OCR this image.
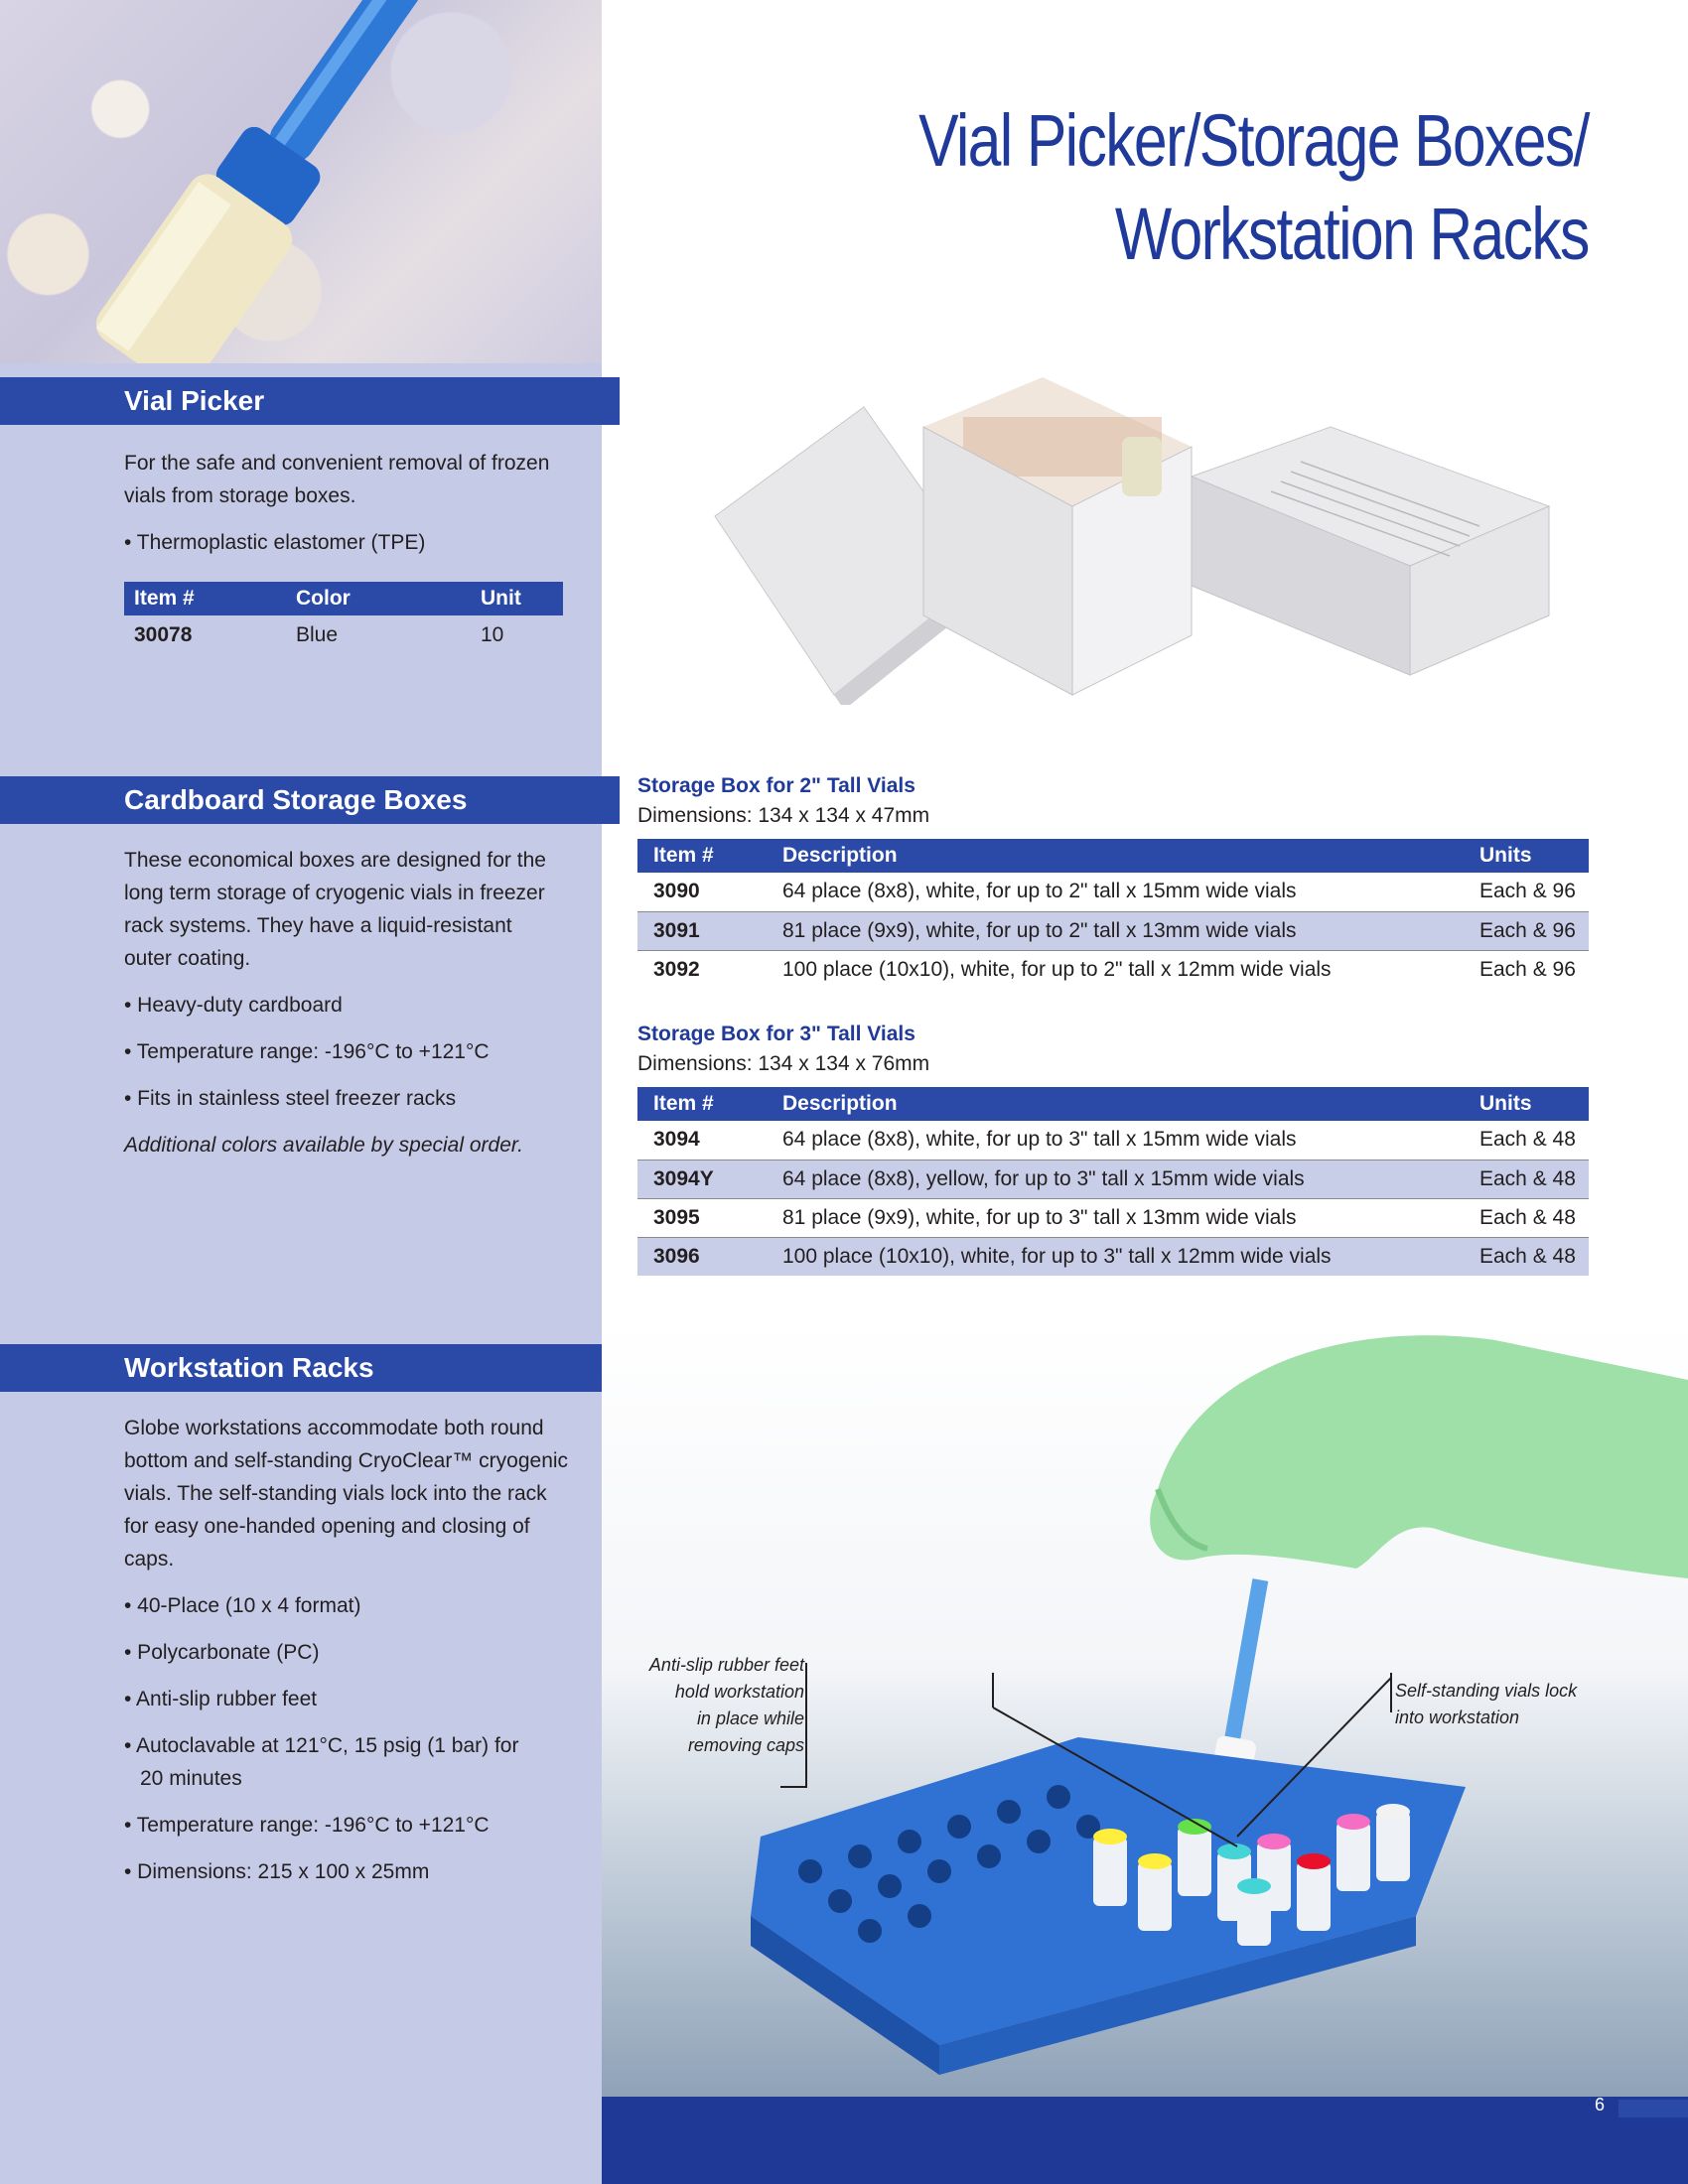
Vial Picker/Storage Boxes/
Workstation Racks
Vial Picker

For the safe and convenient removal of frozen vials from storage boxes.

• Thermoplastic elastomer (TPE)

Item #	Color	Unit
30078	Blue	10
Cardboard Storage Boxes

These economical boxes are designed for the long term storage of cryogenic vials in freezer rack systems. They have a liquid-resistant outer coating.

• Heavy-duty cardboard

• Temperature range: -196°C to +121°C

• Fits in stainless steel freezer racks

Additional colors available by special order.

Storage Box for 2" Tall Vials
Dimensions: 134 x 134 x 47mm
Item #	Description	Units
3090	64 place (8x8), white, for up to 2" tall x 15mm wide vials	Each & 96
3091	81 place (9x9), white, for up to 2" tall x 13mm wide vials	Each & 96
3092	100 place (10x10), white, for up to 2" tall x 12mm wide vials	Each & 96
Storage Box for 3" Tall Vials
Dimensions: 134 x 134 x 76mm
Item #	Description	Units
3094	64 place (8x8), white, for up to 3" tall x 15mm wide vials	Each & 48
3094Y	64 place (8x8), yellow, for up to 3" tall x 15mm wide vials	Each & 48
3095	81 place (9x9), white, for up to 3" tall x 13mm wide vials	Each & 48
3096	100 place (10x10), white, for up to 3" tall x 12mm wide vials	Each & 48
Workstation Racks

Globe workstations accommodate both round bottom and self-standing CryoClear™ cryogenic vials. The self-standing vials lock into the rack for easy one-handed opening and closing of caps.

• 40-Place (10 x 4 format)

• Polycarbonate (PC)

• Anti-slip rubber feet

• Autoclavable at 121°C, 15 psig (1 bar) for

20 minutes

• Temperature range: -196°C to +121°C

• Dimensions: 215 x 100 x 25mm

Anti-slip rubber feet
hold workstation
in place while
removing caps
Self-standing vials lock
into workstation
6
